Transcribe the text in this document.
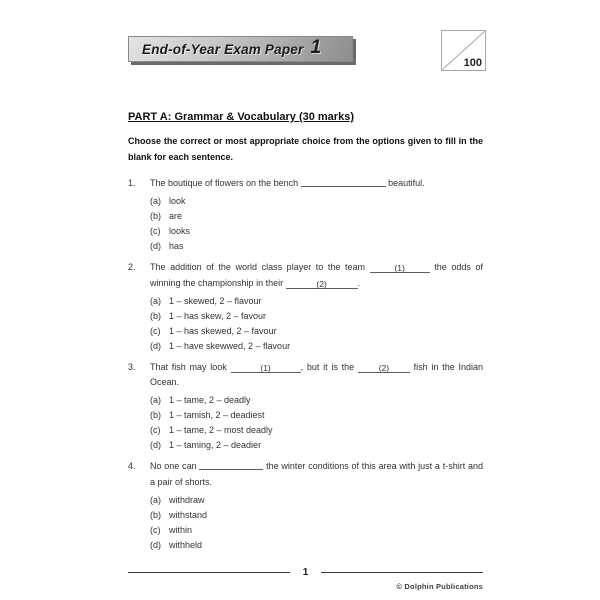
End-of-Year Exam Paper 1
100
PART A: Grammar & Vocabulary (30 marks)
Choose the correct or most appropriate choice from the options given to fill in the blank for each sentence.
1.	The boutique of flowers on the bench	beautiful.

(a) look
(b) are
(c) looks
(d) has
2.	The addition of the world class player to the team	(1)	the odds of winning the championship in their	(2)	.

(a) 1 – skewed, 2 – flavour
(b) 1 – has skew, 2 – favour
(c) 1 – has skewed, 2 – favour
(d) 1 – have skewwed, 2 – flavour
3.	That fish may look	(1)	, but it is the (2) fish in the Indian Ocean.

(a) 1 – tame, 2 – deadly
(b) 1 – tamish, 2 – deadiest
(c) 1 – tame, 2 – most deadly
(d) 1 – taming, 2 – deadier
4.	No one can	the winter conditions of this area with just a t-shirt and a pair of shorts.

(a) withdraw
(b) withstand
(c) within
(d) withheld
1
© Dolphin Publications
